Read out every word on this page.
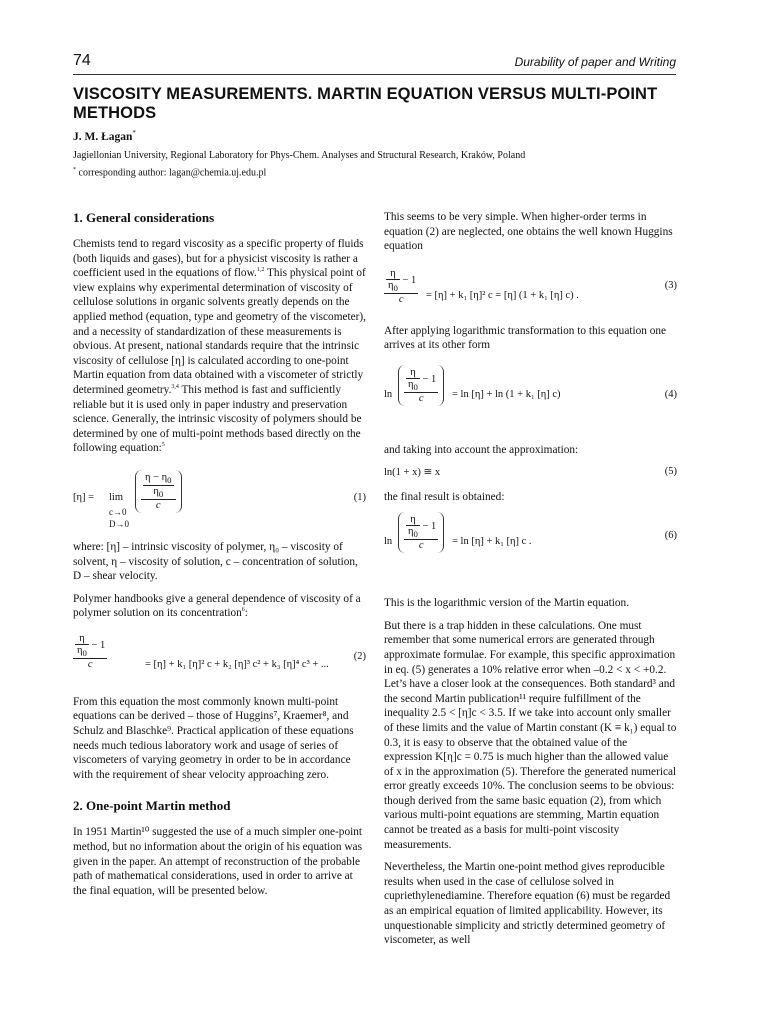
74	Durability of paper and Writing
VISCOSITY MEASUREMENTS. MARTIN EQUATION VERSUS MULTI-POINT METHODS
J. M. Łagan*
Jagiellonian University, Regional Laboratory for Phys-Chem. Analyses and Structural Research, Kraków, Poland
* corresponding author: lagan@chemia.uj.edu.pl
1. General considerations

Chemists tend to regard viscosity as a specific property of fluids (both liquids and gases), but for a physicist viscosity is rather a coefficient used in the equations of flow.$^{1,2}$ This physical point of view explains why experimental determination of viscosity of cellulose solutions in organic solvents greatly depends on the applied method (equation, type and geometry of the viscometer), and a necessity of standardization of these measurements is obvious. At present, national standards require that the intrinsic viscosity of cellulose [η] is calculated according to one-point Martin equation from data obtained with a viscometer of strictly determined geometry.$^{3,4}$ This method is fast and sufficiently reliable but it is used only in paper industry and preservation science. Generally, the intrinsic viscosity of polymers should be determined by one of multi-point methods based directly on the following equation:$^5$

[η] = lim
c→0
D→0
$\frac{\frac{\eta - \eta_0}{\eta_0}}{c}$	(1)

where: [η] – intrinsic viscosity of polymer, η₀ – viscosity of solvent, η – viscosity of solution, c – concentration of solution, D – shear velocity.

Polymer handbooks give a general dependence of viscosity of a polymer solution on its concentration$^6$:

$\frac{\frac{\eta}{\eta_0} - 1}{c}$	= [η] + k₁ [η]² c + k₂ [η]³ c² + k₃ [η]⁴ c³ + ...
(2)

From this equation the most commonly known multi-point equations can be derived – those of Huggins⁷, Kraemer⁸, and Schulz and Blaschke⁹. Practical application of these equations needs much tedious laboratory work and usage of series of viscometers of varying geometry in order to be in accordance with the requirement of shear velocity approaching zero.

2. One-point Martin method

In 1951 Martin¹⁰ suggested the use of a much simpler one-point method, but no information about the origin of his equation was given in the paper. An attempt of reconstruction of the probable path of mathematical considerations, used in order to arrive at the final equation, will be presented below.

This seems to be very simple. When higher-order terms in equation (2) are neglected, one obtains the well known Huggins equation

$\frac{\frac{\eta}{\eta_0} - 1}{c} = [\eta] + k_1$ [η]² c = [η] (1 + k₁ [η] c) .
(3)

After applying logarithmic transformation to this equation one arrives at its other form

$\ln \frac{\frac{\eta}{\eta_0} - 1}{c} = \ln [\eta] + \ln (1 + k_1$ [η] c)	(4)

and taking into account the approximation:

ln(1 + x) ≅ x	(5)

the final result is obtained:

$\ln \frac{\frac{\eta}{\eta_0} - 1}{c} = \ln [\eta] + k_1$ [η] c .
(6)

This is the logarithmic version of the Martin equation.

But there is a trap hidden in these calculations. One must remember that some numerical errors are generated through approximate formulae. For example, this specific approximation in eq. (5) generates a 10% relative error when –0.2 < x < +0.2. Let’s have a closer look at the consequences. Both standard³ and the second Martin publication¹¹ require fulfillment of the inequality 2.5 < [η]c < 3.5. If we take into account only smaller of these limits and the value of Martin constant (K ≡ k₁) equal to 0.3, it is easy to observe that the obtained value of the expression K[η]c = 0.75 is much higher than the allowed value of x in the approximation (5). Therefore the generated numerical error greatly exceeds 10%. The conclusion seems to be obvious: though derived from the same basic equation (2), from which various multi-point equations are stemming, Martin equation cannot be treated as a basis for multi-point viscosity measurements.

Nevertheless, the Martin one-point method gives reproducible results when used in the case of cellulose solved in cupriethylenediamine. Therefore equation (6) must be regarded as an empirical equation of limited applicability. However, its unquestionable simplicity and strictly determined geometry of viscometer, as well
